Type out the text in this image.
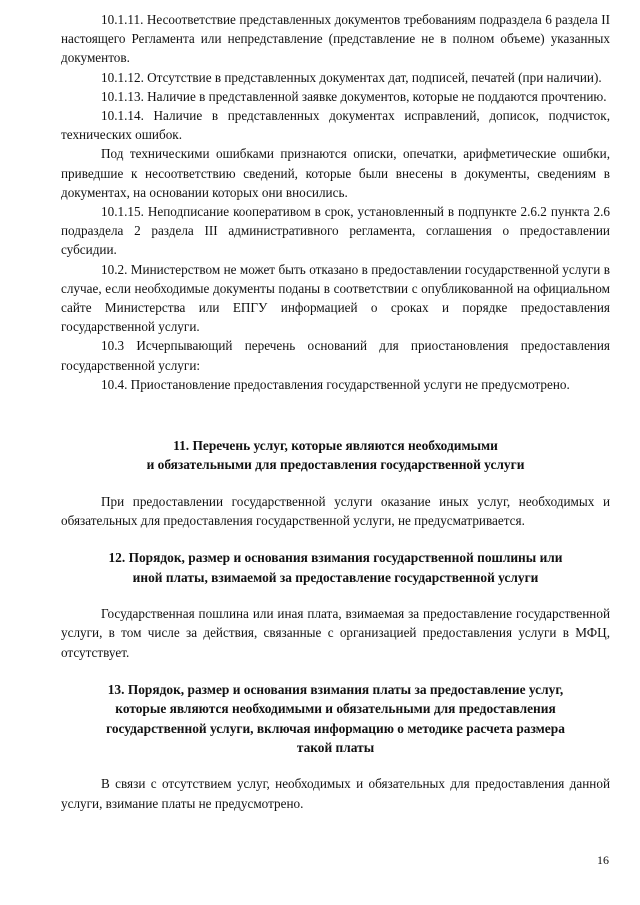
10.1.11. Несоответствие представленных документов требованиям подраздела 6 раздела II настоящего Регламента или непредставление (представление не в полном объеме) указанных документов.

10.1.12. Отсутствие в представленных документах дат, подписей, печатей (при наличии).

10.1.13. Наличие в представленной заявке документов, которые не поддаются прочтению.

10.1.14. Наличие в представленных документах исправлений, дописок, подчисток, технических ошибок.

Под техническими ошибками признаются описки, опечатки, арифметические ошибки, приведшие к несоответствию сведений, которые были внесены в документы, сведениям в документах, на основании которых они вносились.

10.1.15. Неподписание кооперативом в срок, установленный в подпункте 2.6.2 пункта 2.6 подраздела 2 раздела III административного регламента, соглашения о предоставлении субсидии.

10.2. Министерством не может быть отказано в предоставлении государственной услуги в случае, если необходимые документы поданы в соответствии с опубликованной на официальном сайте Министерства или ЕПГУ информацией о сроках и порядке предоставления государственной услуги.

10.3 Исчерпывающий перечень оснований для приостановления предоставления государственной услуги:

10.4. Приостановление предоставления государственной услуги не предусмотрено.

11. Перечень услуг, которые являются необходимыми

и обязательными для предоставления государственной услуги

При предоставлении государственной услуги оказание иных услуг, необходимых и обязательных для предоставления государственной услуги, не предусматривается.

12. Порядок, размер и основания взимания государственной пошлины или

иной платы, взимаемой за предоставление государственной услуги

Государственная пошлина или иная плата, взимаемая за предоставление государственной услуги, в том числе за действия, связанные с организацией предоставления услуги в МФЦ, отсутствует.

13. Порядок, размер и основания взимания платы за предоставление услуг,

которые являются необходимыми и обязательными для предоставления

государственной услуги, включая информацию о методике расчета размера

такой платы

В связи с отсутствием услуг, необходимых и обязательных для предоставления данной услуги, взимание платы не предусмотрено.

16
